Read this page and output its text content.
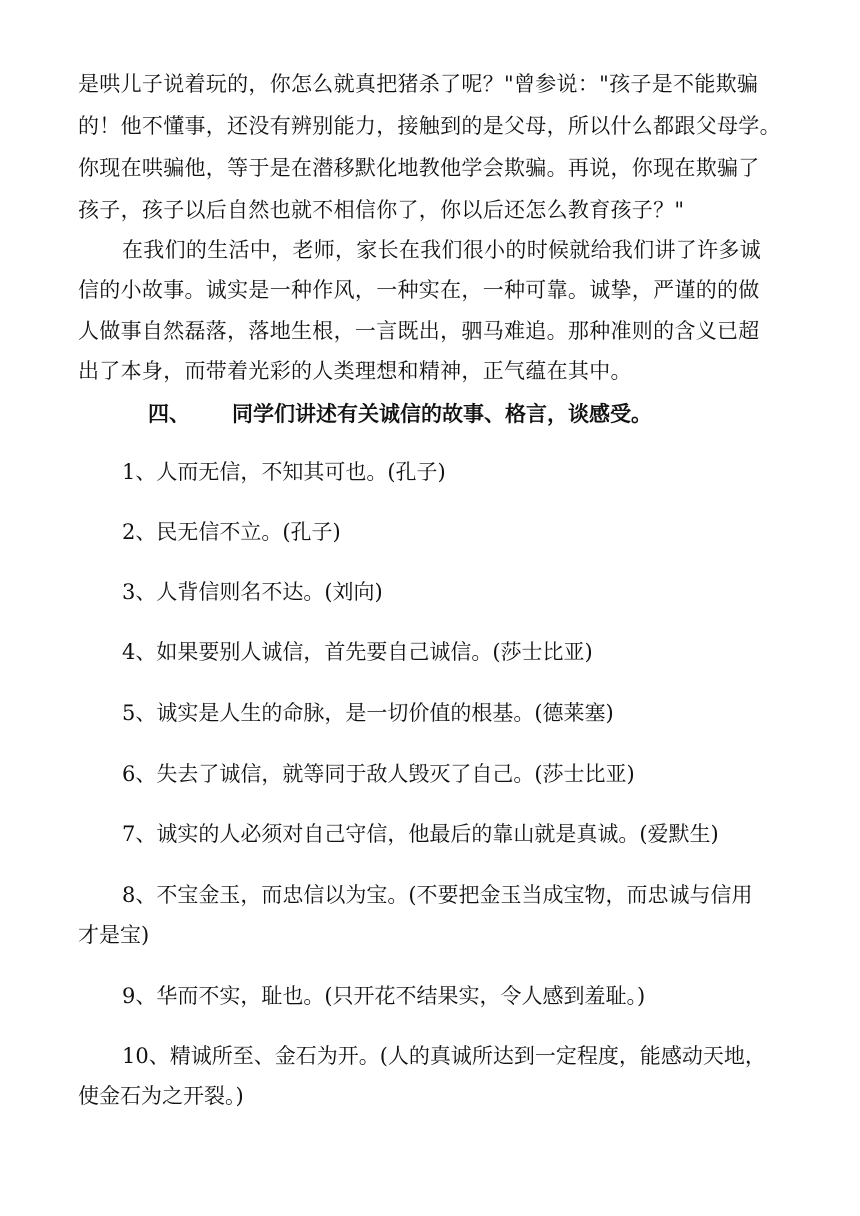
是哄儿子说着玩的，你怎么就真把猪杀了呢？"曾参说："孩子是不能欺骗
的！他不懂事，还没有辨别能力，接触到的是父母，所以什么都跟父母学。
你现在哄骗他，等于是在潜移默化地教他学会欺骗。再说，你现在欺骗了
孩子，孩子以后自然也就不相信你了，你以后还怎么教育孩子？"
在我们的生活中，老师，家长在我们很小的时候就给我们讲了许多诚
信的小故事。诚实是一种作风，一种实在，一种可靠。诚挚，严谨的的做
人做事自然磊落，落地生根，一言既出，驷马难追。那种准则的含义已超
出了本身，而带着光彩的人类理想和精神，正气蕴在其中。
四、 同学们讲述有关诚信的故事、格言，谈感受。
1、人而无信，不知其可也。(孔子)
2、民无信不立。(孔子)
3、人背信则名不达。(刘向)
4、如果要别人诚信，首先要自己诚信。(莎士比亚)
5、诚实是人生的命脉，是一切价值的根基。(德莱塞)
6、失去了诚信，就等同于敌人毁灭了自己。(莎士比亚)
7、诚实的人必须对自己守信，他最后的靠山就是真诚。(爱默生)
8、不宝金玉，而忠信以为宝。(不要把金玉当成宝物，而忠诚与信用
才是宝)
9、华而不实，耻也。(只开花不结果实，令人感到羞耻。)
10、精诚所至、金石为开。(人的真诚所达到一定程度，能感动天地，
使金石为之开裂。)
